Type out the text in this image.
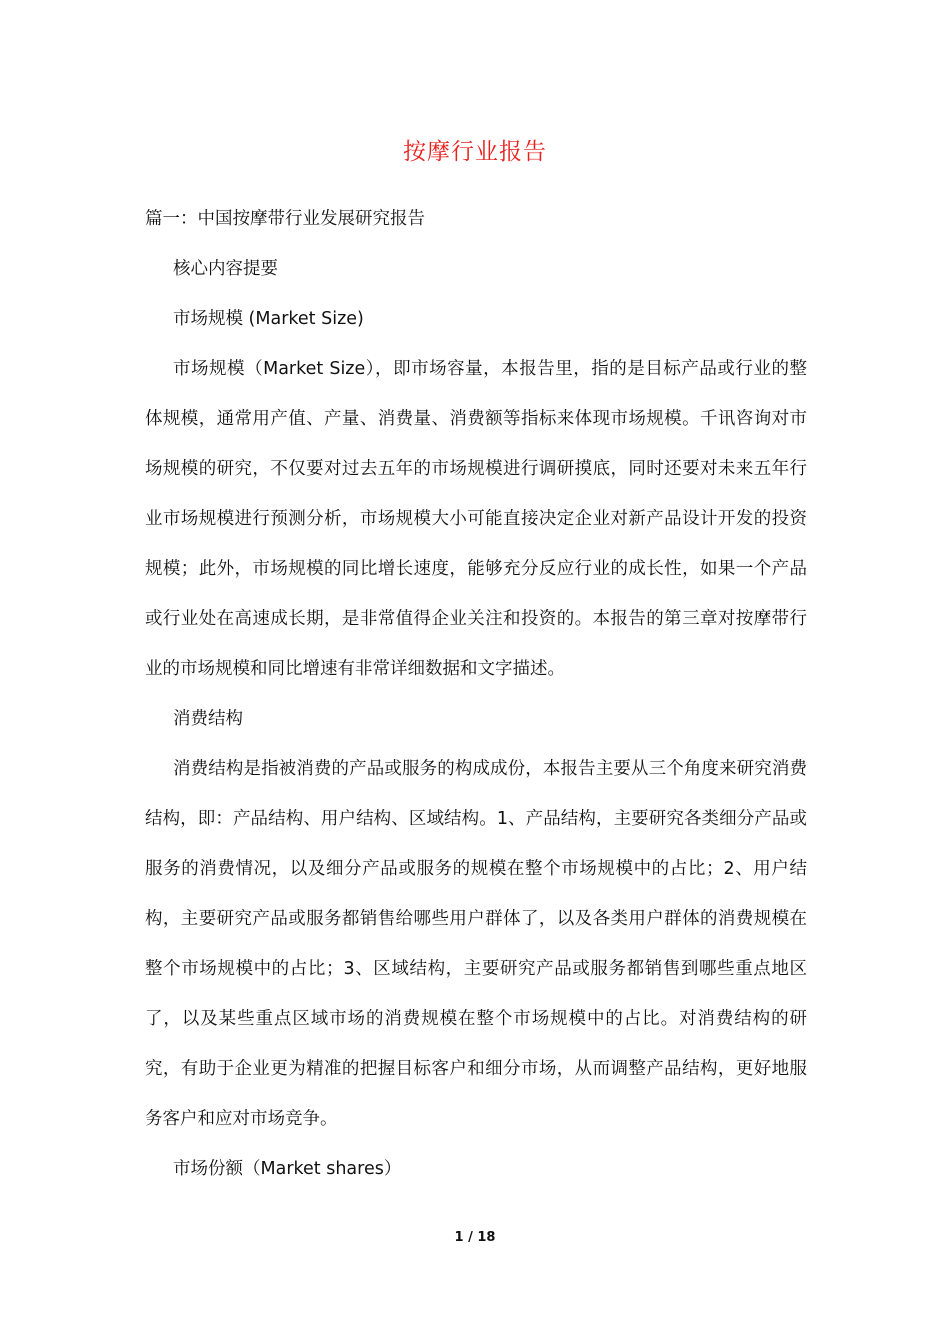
按摩行业报告

篇一：中国按摩带行业发展研究报告

核心内容提要

市场规模 (Market Size)

市场规模（Market Size），即市场容量，本报告里，指的是目标产品或行业的整体规模，通常用产值、产量、消费量、消费额等指标来体现市场规模。千讯咨询对市场规模的研究，不仅要对过去五年的市场规模进行调研摸底，同时还要对未来五年行业市场规模进行预测分析，市场规模大小可能直接决定企业对新产品设计开发的投资规模；此外，市场规模的同比增长速度，能够充分反应行业的成长性，如果一个产品或行业处在高速成长期，是非常值得企业关注和投资的。本报告的第三章对按摩带行业的市场规模和同比增速有非常详细数据和文字描述。

消费结构

消费结构是指被消费的产品或服务的构成成份，本报告主要从三个角度来研究消费结构，即：产品结构、用户结构、区域结构。1、产品结构，主要研究各类细分产品或服务的消费情况，以及细分产品或服务的规模在整个市场规模中的占比；2、用户结构，主要研究产品或服务都销售给哪些用户群体了，以及各类用户群体的消费规模在整个市场规模中的占比；3、区域结构，主要研究产品或服务都销售到哪些重点地区了，以及某些重点区域市场的消费规模在整个市场规模中的占比。对消费结构的研究，有助于企业更为精准的把握目标客户和细分市场，从而调整产品结构，更好地服务客户和应对市场竞争。

市场份额（Market shares）

1 / 18
